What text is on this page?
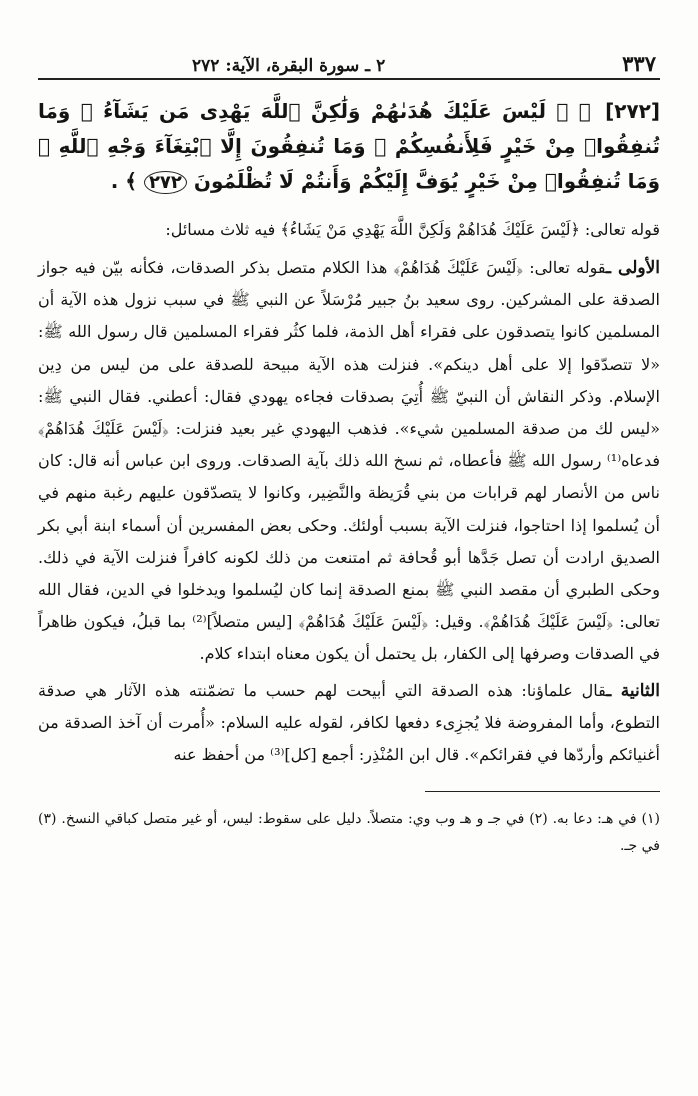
٣٣٧
٢ ـ سورة البقرة، الآية: ٢٧٢
[٢٧٢] ﴿ ۞ لَيْسَ عَلَيْكَ هُدَىٰهُمْ وَلَٰكِنَّ ٱللَّهَ يَهْدِى مَن يَشَآءُ ۗ وَمَا تُنفِقُوا۟ مِنْ خَيْرٍ فَلِأَنفُسِكُمْ ۚ وَمَا تُنفِقُونَ إِلَّا ٱبْتِغَآءَ وَجْهِ ٱللَّهِ ۚ وَمَا تُنفِقُوا۟ مِنْ خَيْرٍ يُوَفَّ إِلَيْكُمْ وَأَنتُمْ لَا تُظْلَمُونَ ٢٧٢ ﴾ .
قوله تعالى: ﴿لَيْسَ عَلَيْكَ هُدَاهُمْ وَلَكِنَّ اللَّهَ يَهْدِي مَنْ يَشَاءُ﴾ فيه ثلاث مسائل:
الأولى ـقوله تعالى: ﴿لَيْسَ عَلَيْكَ هُدَاهُمْ﴾ هذا الكلام متصل بذكر الصدقات، فكأنه بيّن فيه جواز الصدقة على المشركين. روى سعيد بنُ جبير مُرْسَلاً عن النبي ﷺ في سبب نزول هذه الآية أن المسلمين كانوا يتصدقون على فقراء أهل الذمة، فلما كثُر فقراء المسلمين قال رسول الله ﷺ: «لا تتصدّقوا إلا على أهل دينكم». فنزلت هذه الآية مبيحة للصدقة على من ليس من دِين الإسلام. وذكر النقاش أن النبيّ ﷺ أُتِيَ بصدقات فجاءه يهودي فقال: أعطني. فقال النبي ﷺ: «ليس لك من صدقة المسلمين شيء». فذهب اليهودي غير بعيد فنزلت: ﴿لَيْسَ عَلَيْكَ هُدَاهُمْ﴾ فدعاه⁽¹⁾ رسول الله ﷺ فأعطاه، ثم نسخ الله ذلك بآية الصدقات. وروى ابن عباس أنه قال: كان ناس من الأنصار لهم قرابات من بني قُرَيظة والنَّضِير، وكانوا لا يتصدّقون عليهم رغبة منهم في أن يُسلموا إذا احتاجوا، فنزلت الآية بسبب أولئك. وحكى بعض المفسرين أن أسماء ابنة أبي بكر الصديق ارادت أن تصل جَدَّها أبو قُحافة ثم امتنعت من ذلك لكونه كافراً فنزلت الآية في ذلك. وحكى الطبري أن مقصد النبي ﷺ بمنع الصدقة إنما كان ليُسلموا ويدخلوا في الدين، فقال الله تعالى: ﴿لَيْسَ عَلَيْكَ هُدَاهُمْ﴾. وقيل: ﴿لَيْسَ عَلَيْكَ هُدَاهُمْ﴾ [ليس متصلاً]⁽²⁾ بما قبلُ، فيكون ظاهراً في الصدقات وصرفها إلى الكفار، بل يحتمل أن يكون معناه ابتداء كلام.
الثانية ـقال علماؤنا: هذه الصدقة التي أبيحت لهم حسب ما تضمّنته هذه الآثار هي صدقة التطوع، وأما المفروضة فلا يُجزِىء دفعها لكافر، لقوله عليه السلام: «أُمرت أن آخذ الصدقة من أغنيائكم وأردّها في فقرائكم». قال ابن المُنْذِر: أجمع [كل]⁽³⁾ من أحفظ عنه
(١) في هـ: دعا به. (٢) في جـ و هـ وب وي: متصلاً. دليل على سقوط: ليس، أو غير متصل كباقي النسخ. (٣) في جـ.
